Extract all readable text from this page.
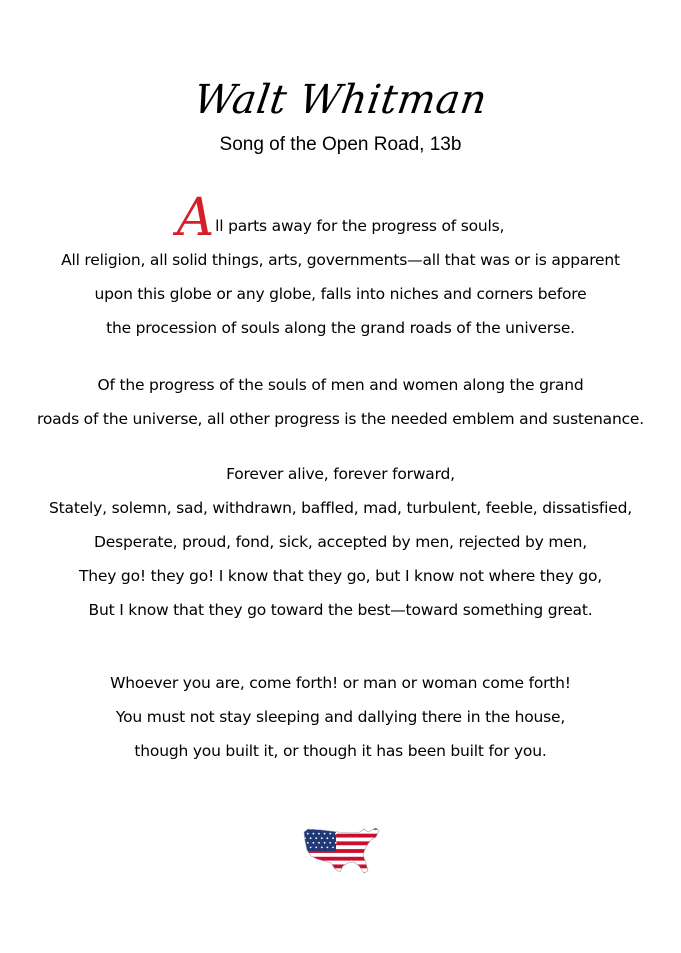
Walt Whitman
Song of the Open Road, 13b
All parts away for the progress of souls,
All religion, all solid things, arts, governments—all that was or is apparent
upon this globe or any globe, falls into niches and corners before
the procession of souls along the grand roads of the universe.
Of the progress of the souls of men and women along the grand
roads of the universe, all other progress is the needed emblem and sustenance.
Forever alive, forever forward,
Stately, solemn, sad, withdrawn, baffled, mad, turbulent, feeble, dissatisfied,
Desperate, proud, fond, sick, accepted by men, rejected by men,
They go! they go! I know that they go, but I know not where they go,
But I know that they go toward the best—toward something great.
Whoever you are, come forth! or man or woman come forth!
You must not stay sleeping and dallying there in the house,
though you built it, or though it has been built for you.
